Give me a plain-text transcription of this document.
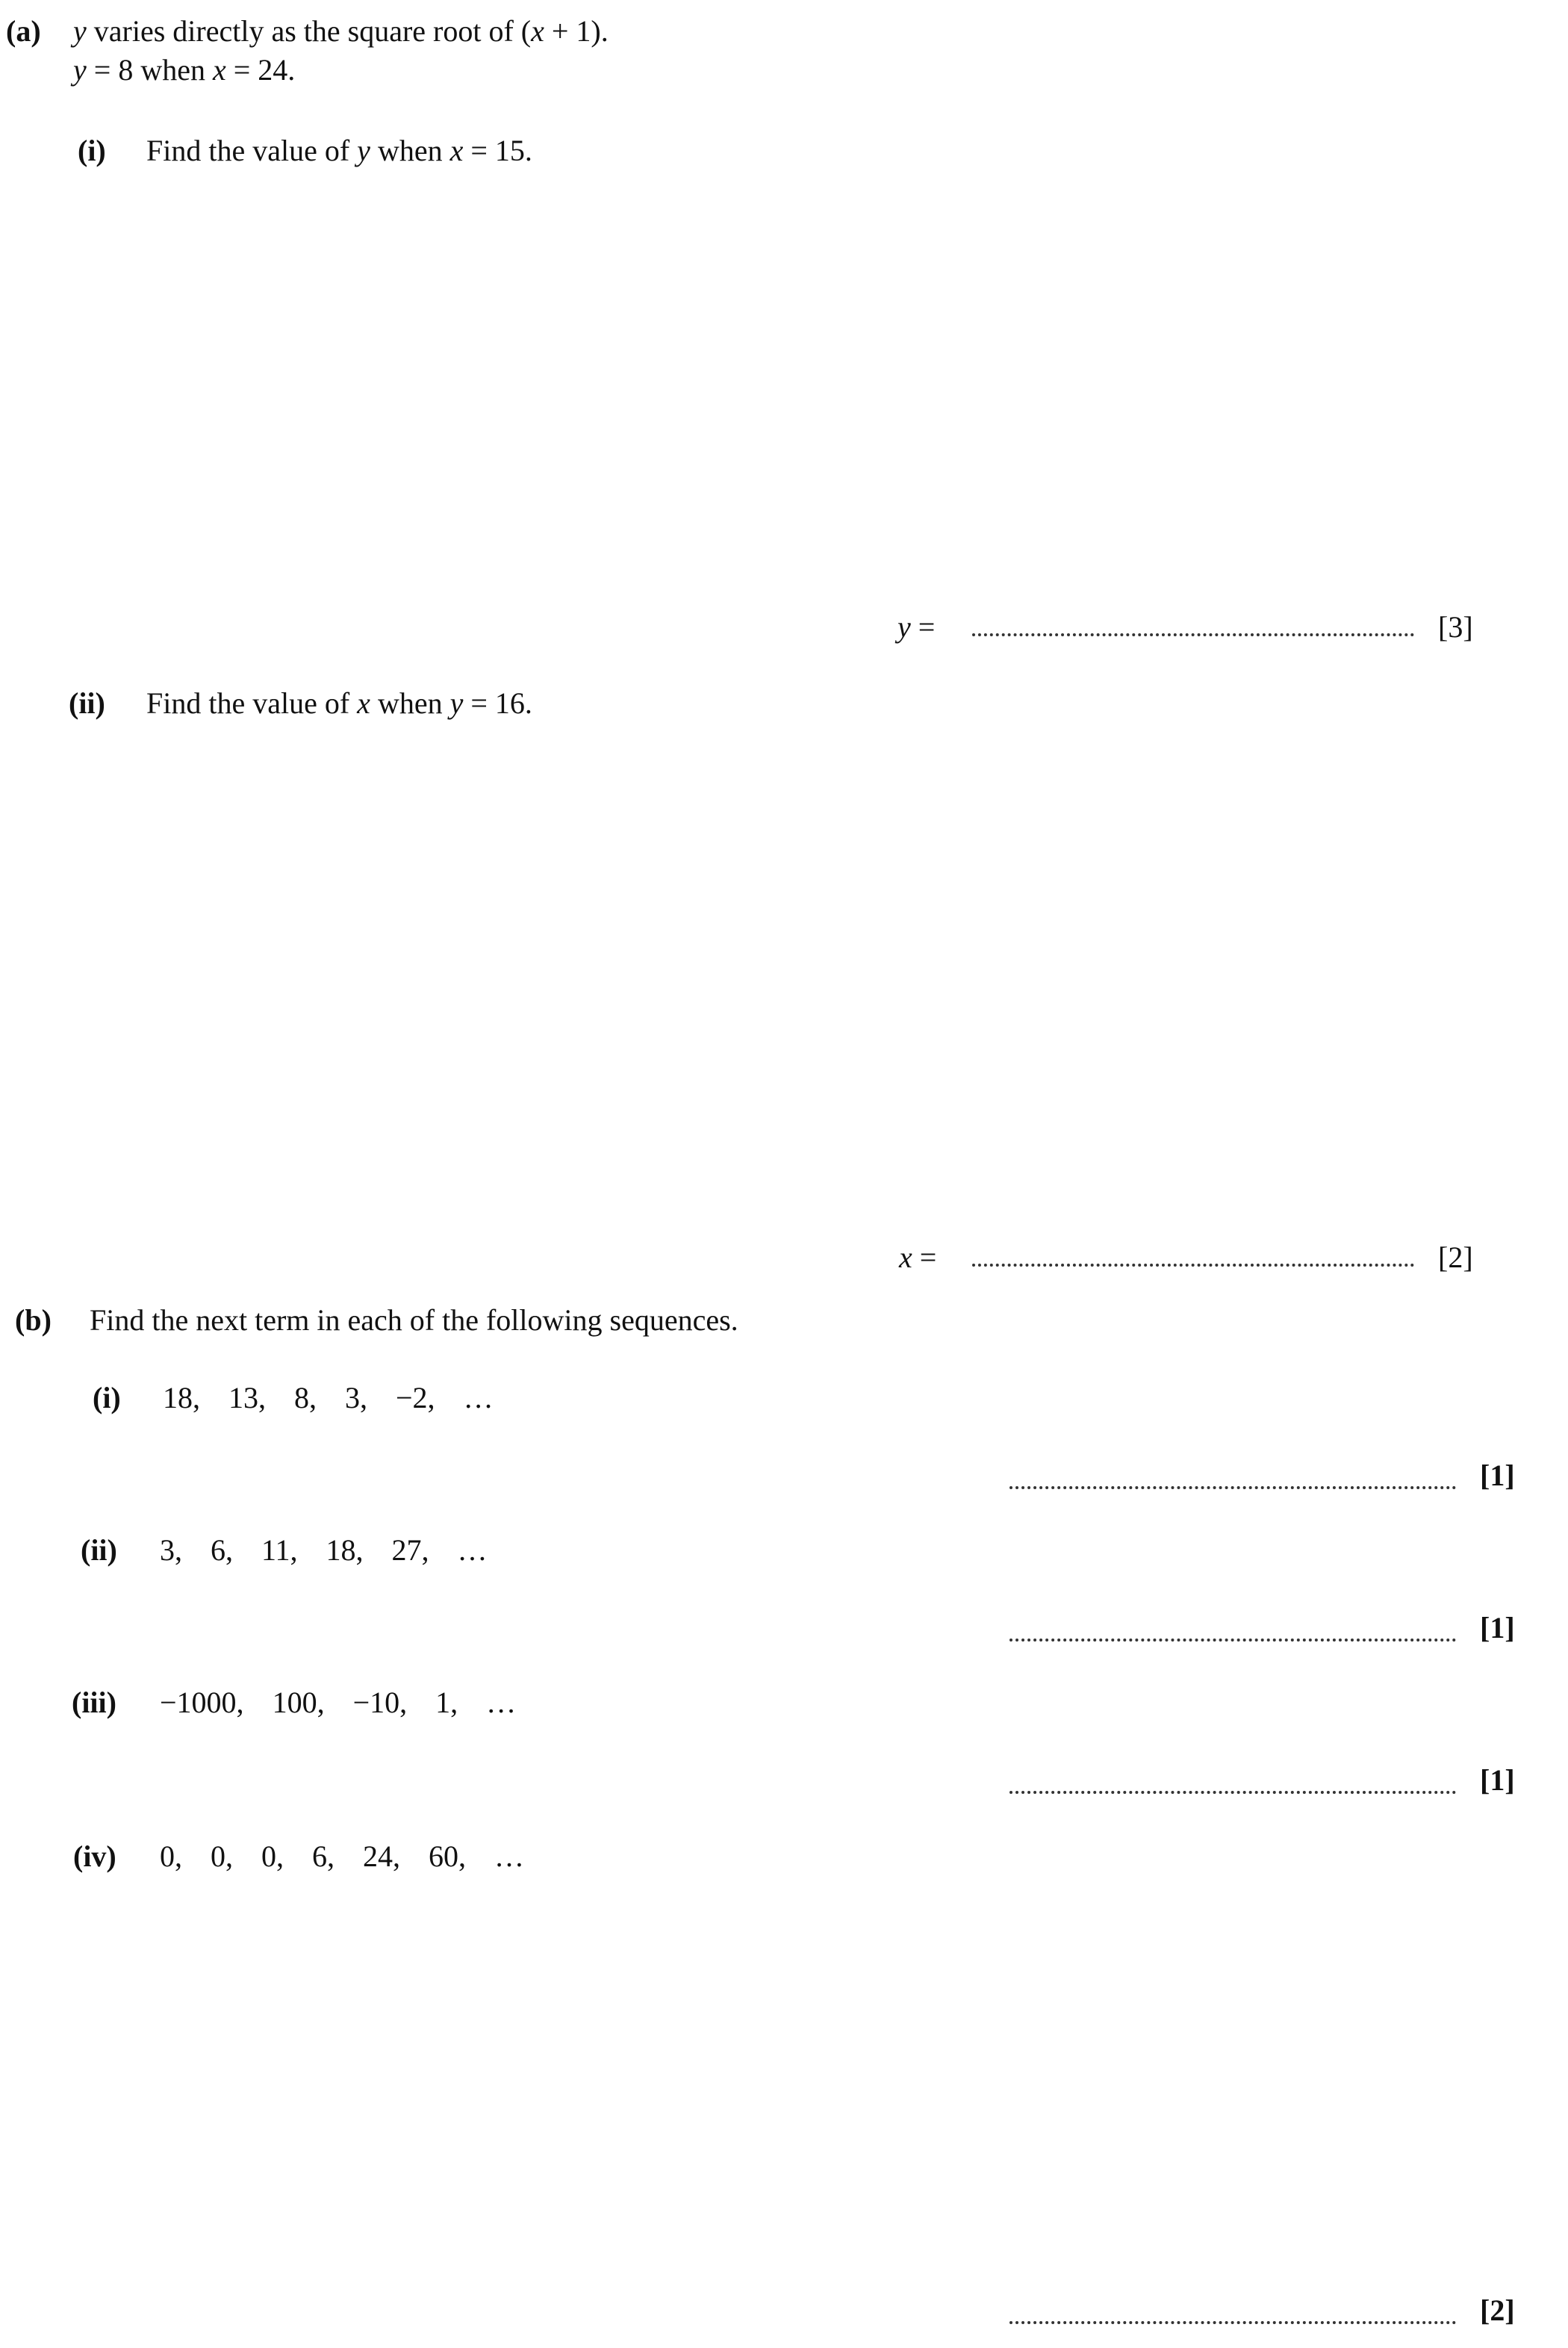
(a) y varies directly as the square root of (x + 1).
y = 8 when x = 24.
(i) Find the value of y when x = 15.
y =	[3]
(ii) Find the value of x when y = 16.
x =	[2]
(b) Find the next term in each of the following sequences.
(i) 18, 13, 8, 3, −2, …
[1]
(ii) 3, 6, 11, 18, 27, …
[1]
(iii) −1000, 100, −10, 1, …
[1]
(iv) 0, 0, 0, 6, 24, 60, …
[2]
